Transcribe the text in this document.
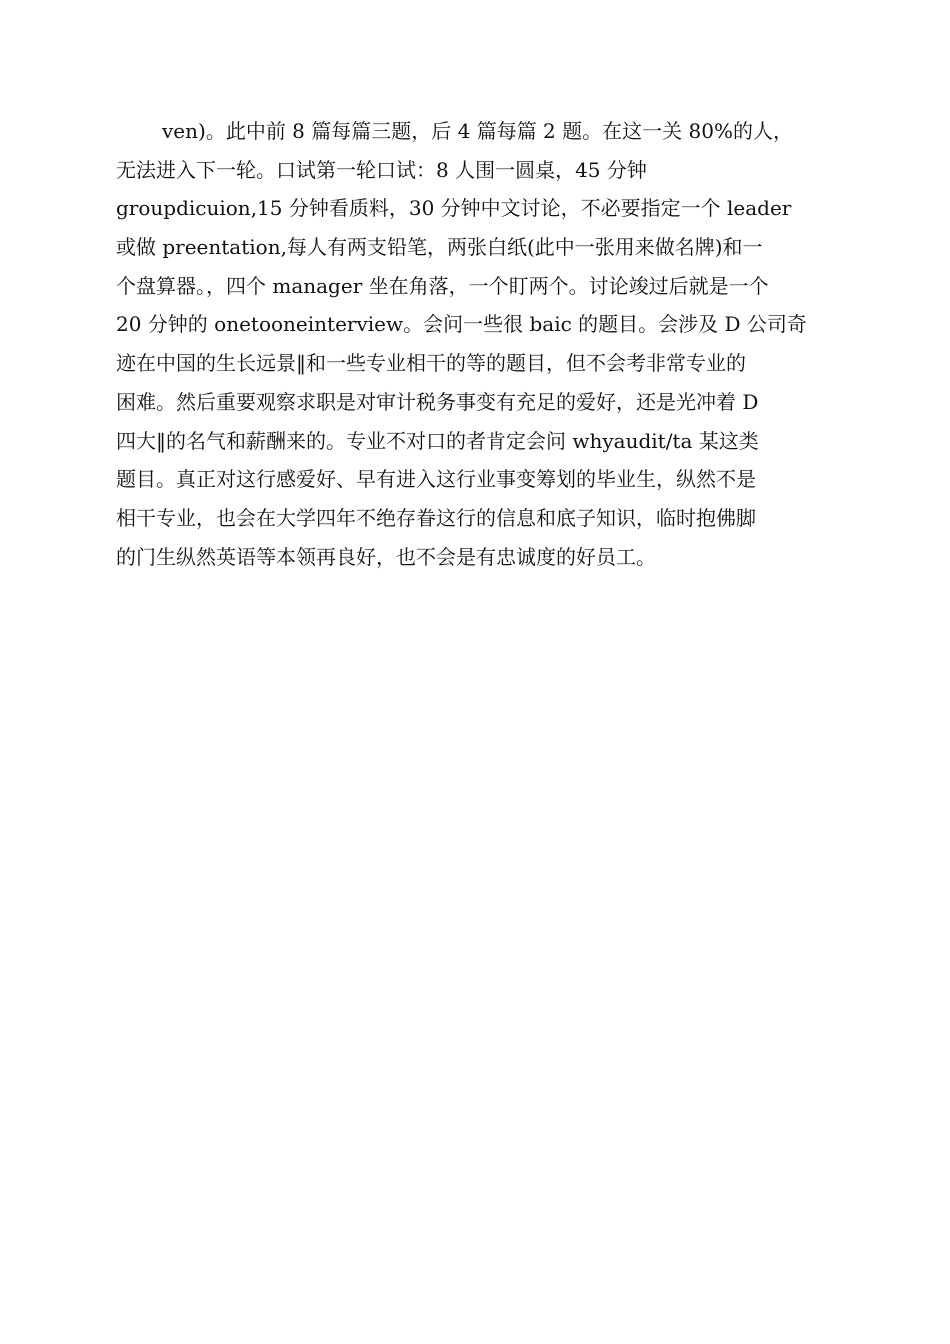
ven)。此中前 8 篇每篇三题，后 4 篇每篇 2 题。在这一关 80%的人，
无法进入下一轮。口试第一轮口试：8 人围一圆桌，45 分钟
groupdicuion,15 分钟看质料，30 分钟中文讨论，不必要指定一个 leader
或做 preentation,每人有两支铅笔，两张白纸(此中一张用来做名牌)和一
个盘算器。，四个 manager 坐在角落，一个盯两个。讨论竣过后就是一个
20 分钟的 onetooneinterview。会问一些很 baic 的题目。会涉及 D 公司奇
迹在中国的生长远景‖和一些专业相干的等的题目，但不会考非常专业的
困难。然后重要观察求职是对审计税务事变有充足的爱好，还是光冲着 D
四大‖的名气和薪酬来的。专业不对口的者肯定会问 whyaudit/ta 某这类
题目。真正对这行感爱好、早有进入这行业事变筹划的毕业生，纵然不是
相干专业，也会在大学四年不绝存眷这行的信息和底子知识，临时抱佛脚
的门生纵然英语等本领再良好，也不会是有忠诚度的好员工。
